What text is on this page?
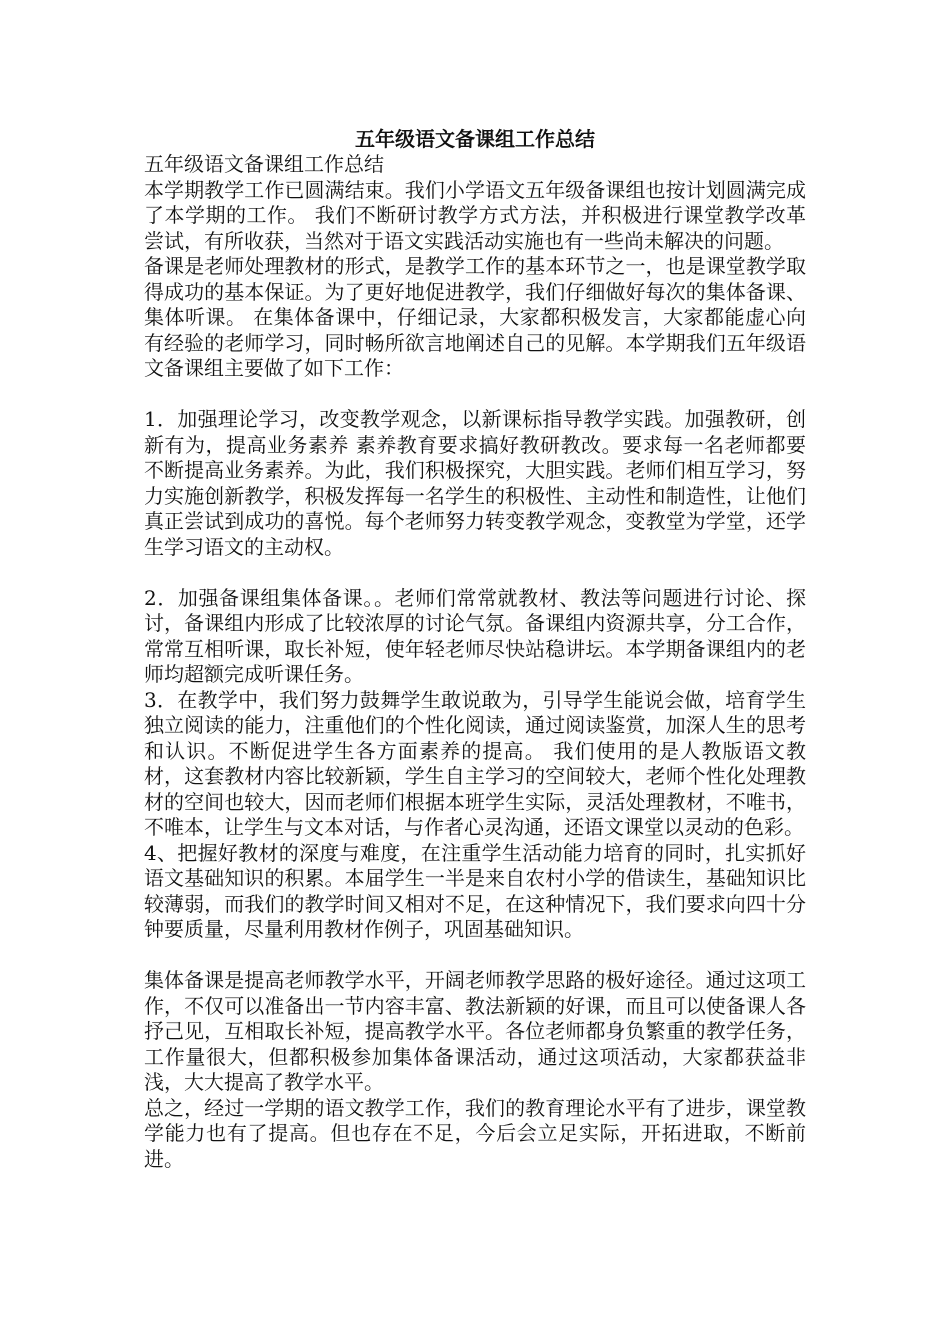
五年级语文备课组工作总结

五年级语文备课组工作总结

本学期教学工作已圆满结束。我们小学语文五年级备课组也按计划圆满完成了本学期的工作。 我们不断研讨教学方式方法，并积极进行课堂教学改革尝试，有所收获，当然对于语文实践活动实施也有一些尚未解决的问题。

备课是老师处理教材的形式，是教学工作的基本环节之一，也是课堂教学取得成功的基本保证。为了更好地促进教学，我们仔细做好每次的集体备课、集体听课。 在集体备课中，仔细记录，大家都积极发言，大家都能虚心向有经验的老师学习，同时畅所欲言地阐述自己的见解。本学期我们五年级语文备课组主要做了如下工作：

1．加强理论学习，改变教学观念，以新课标指导教学实践。加强教研，创新有为，提高业务素养 素养教育要求搞好教研教改。要求每一名老师都要不断提高业务素养。为此，我们积极探究，大胆实践。老师们相互学习，努力实施创新教学，积极发挥每一名学生的积极性、主动性和制造性，让他们真正尝试到成功的喜悦。每个老师努力转变教学观念，变教堂为学堂，还学生学习语文的主动权。

2．加强备课组集体备课。。老师们常常就教材、教法等问题进行讨论、探讨，备课组内形成了比较浓厚的讨论气氛。备课组内资源共享，分工合作，常常互相听课，取长补短，使年轻老师尽快站稳讲坛。本学期备课组内的老师均超额完成听课任务。

3．在教学中，我们努力鼓舞学生敢说敢为，引导学生能说会做，培育学生独立阅读的能力，注重他们的个性化阅读，通过阅读鉴赏，加深人生的思考和认识。不断促进学生各方面素养的提高。 我们使用的是人教版语文教材，这套教材内容比较新颖，学生自主学习的空间较大，老师个性化处理教材的空间也较大，因而老师们根据本班学生实际，灵活处理教材，不唯书，不唯本，让学生与文本对话，与作者心灵沟通，还语文课堂以灵动的色彩。

4、把握好教材的深度与难度，在注重学生活动能力培育的同时，扎实抓好语文基础知识的积累。本届学生一半是来自农村小学的借读生，基础知识比较薄弱，而我们的教学时间又相对不足，在这种情况下，我们要求向四十分钟要质量，尽量利用教材作例子，巩固基础知识。

集体备课是提高老师教学水平，开阔老师教学思路的极好途径。通过这项工作，不仅可以准备出一节内容丰富、教法新颖的好课，而且可以使备课人各抒己见，互相取长补短，提高教学水平。各位老师都身负繁重的教学任务，工作量很大，但都积极参加集体备课活动，通过这项活动，大家都获益非浅，大大提高了教学水平。

总之，经过一学期的语文教学工作，我们的教育理论水平有了进步，课堂教学能力也有了提高。但也存在不足，今后会立足实际，开拓进取，不断前进。
